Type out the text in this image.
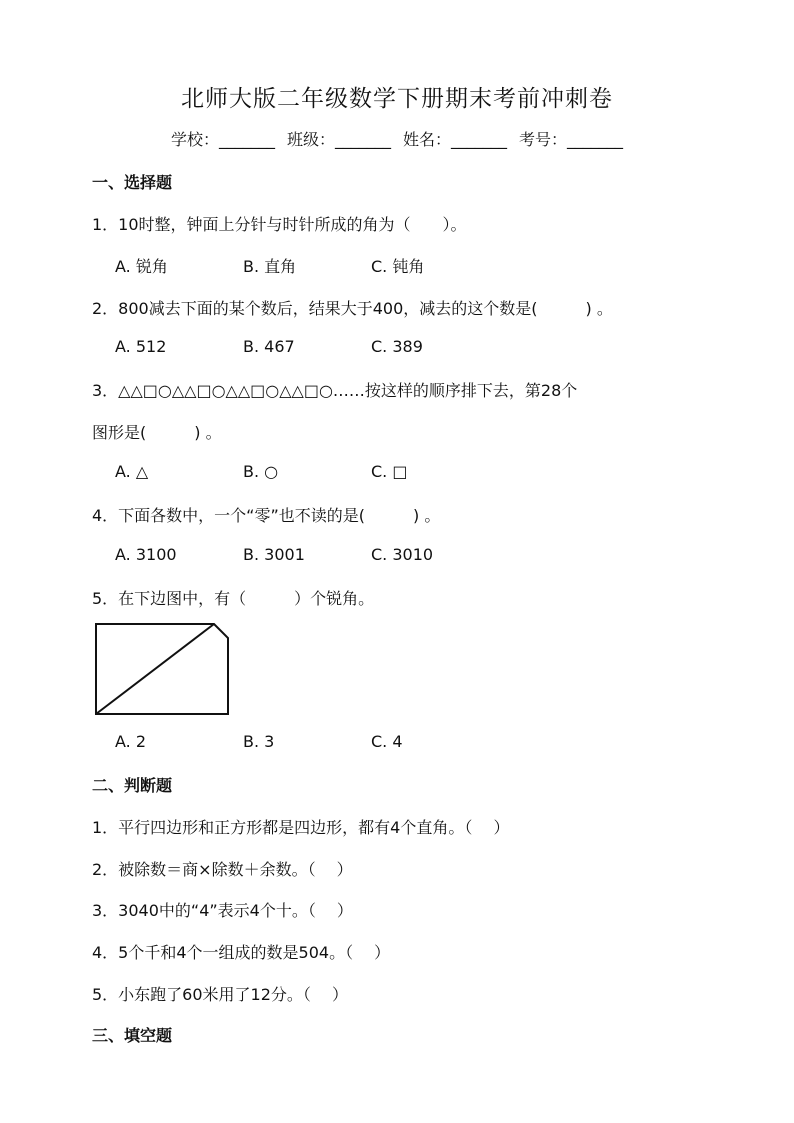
北师大版二年级数学下册期末考前冲刺卷
学校：_______ 班级：_______ 姓名：_______ 考号：_______
一、选择题
1．10时整，钟面上分针与时针所成的角为（　　）。
A. 锐角	B. 直角	C. 钝角
2．800减去下面的某个数后，结果大于400，减去的这个数是(　　　) 。
A. 512	B. 467	C. 389
3．△△□○△△□○△△□○△△□○……按这样的顺序排下去，第28个
图形是(　　　) 。
A. △	B. ○	C. □
4．下面各数中，一个“零”也不读的是(　　　) 。
A. 3100	B. 3001	C. 3010
5．在下边图中，有（　　　）个锐角。
A. 2	B. 3	C. 4
二、判断题
1．平行四边形和正方形都是四边形，都有4个直角。（　 ）
2．被除数＝商×除数＋余数。（　 ）
3．3040中的“4”表示4个十。（　 ）
4．5个千和4个一组成的数是504。（　 ）
5．小东跑了60米用了12分。（　 ）
三、填空题
